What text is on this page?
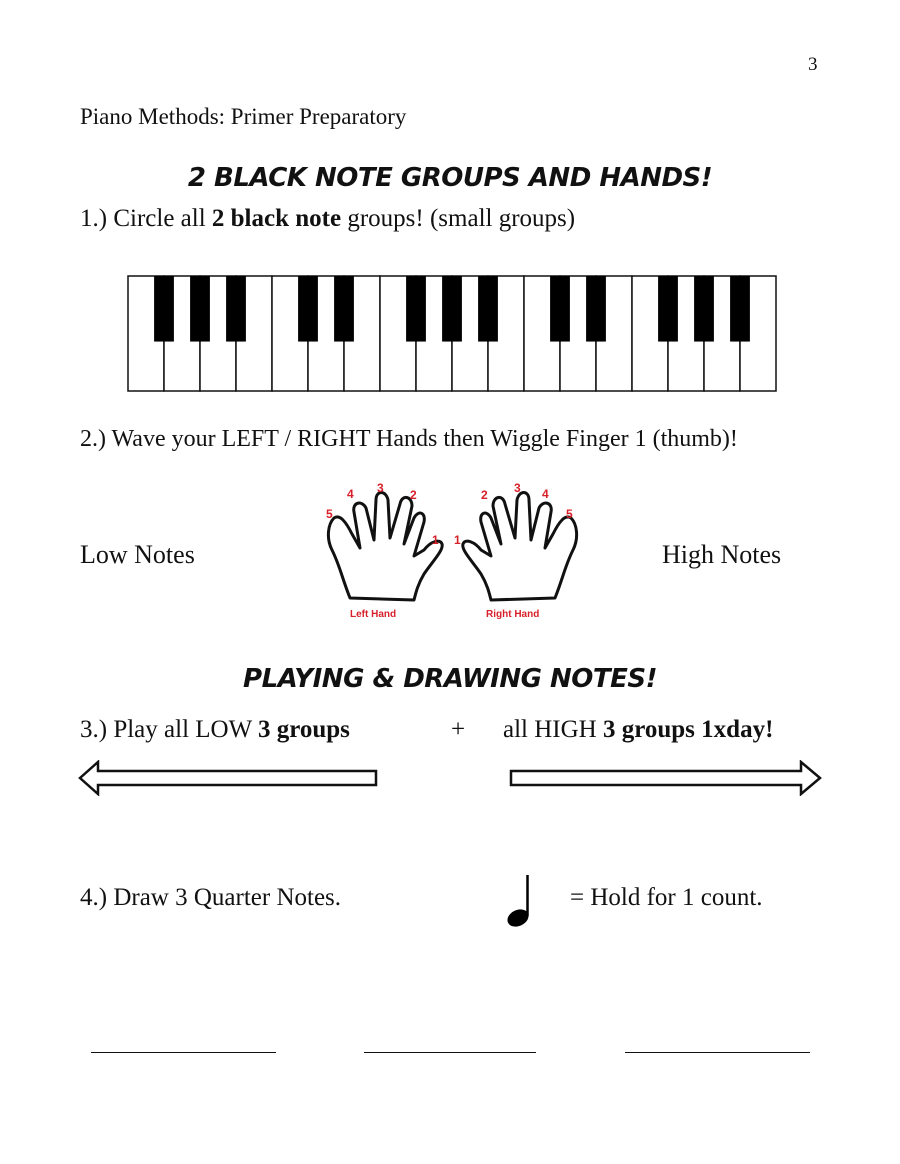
3
Piano Methods: Primer Preparatory
2 BLACK NOTE GROUPS AND HANDS!
1.) Circle all 2 black note groups! (small groups)
2.) Wave your LEFT / RIGHT Hands then Wiggle Finger 1 (thumb)!
Low Notes	High Notes
5
4 3 2
1 1
2 3 4
5
Left Hand	Right Hand
PLAYING & DRAWING NOTES!
3.) Play all LOW 3 groups	+ all HIGH 3 groups 1xday!
4.) Draw 3 Quarter Notes.	= Hold for 1 count.
